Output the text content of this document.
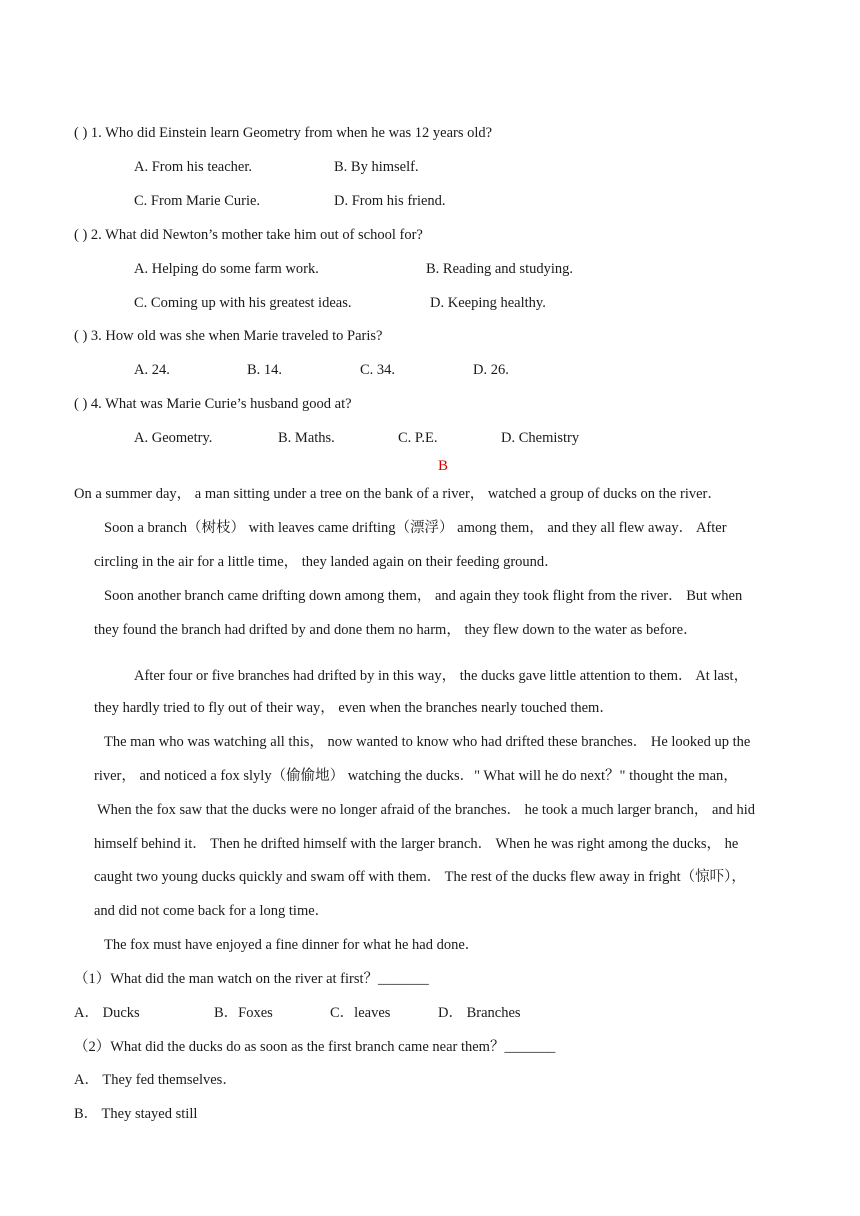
( ) 1. Who did Einstein learn Geometry from when he was 12 years old?
A. From his teacher.	B. By himself.
C. From Marie Curie.	D. From his friend.
( ) 2. What did Newton’s mother take him out of school for?
A. Helping do some farm work.	B. Reading and studying.
C. Coming up with his greatest ideas.	D. Keeping healthy.
( ) 3. How old was she when Marie traveled to Paris?
A. 24.	B. 14.	C. 34.	D. 26.
( ) 4. What was Marie Curie’s husband good at?
A. Geometry.	B. Maths.	C. P.E.	D. Chemistry
B
On a summer day， a man sitting under a tree on the bank of a river， watched a group of ducks on the river．
Soon a branch（树枝） with leaves came drifting（漂浮） among them， and they all flew away． After
circling in the air for a little time， they landed again on their feeding ground．
Soon another branch came drifting down among them， and again they took flight from the river． But when
they found the branch had drifted by and done them no harm， they flew down to the water as before．
After four or five branches had drifted by in this way， the ducks gave little attention to them． At last，
they hardly tried to fly out of their way， even when the branches nearly touched them．
The man who was watching all this， now wanted to know who had drifted these branches． He looked up the
river， and noticed a fox slyly（偷偷地） watching the ducks．" What will he do next？" thought the man，
When the fox saw that the ducks were no longer afraid of the branches． he took a much larger branch， and hid
himself behind it． Then he drifted himself with the larger branch． When he was right among the ducks， he
caught two young ducks quickly and swam off with them． The rest of the ducks flew away in fright（惊吓），
and did not come back for a long time．
The fox must have enjoyed a fine dinner for what he had done．
（1）What did the man watch on the river at first？_______
A． Ducks	B．Foxes	C．leaves	D． Branches
（2）What did the ducks do as soon as the first branch came near them？_______
A． They fed themselves．
B． They stayed still
